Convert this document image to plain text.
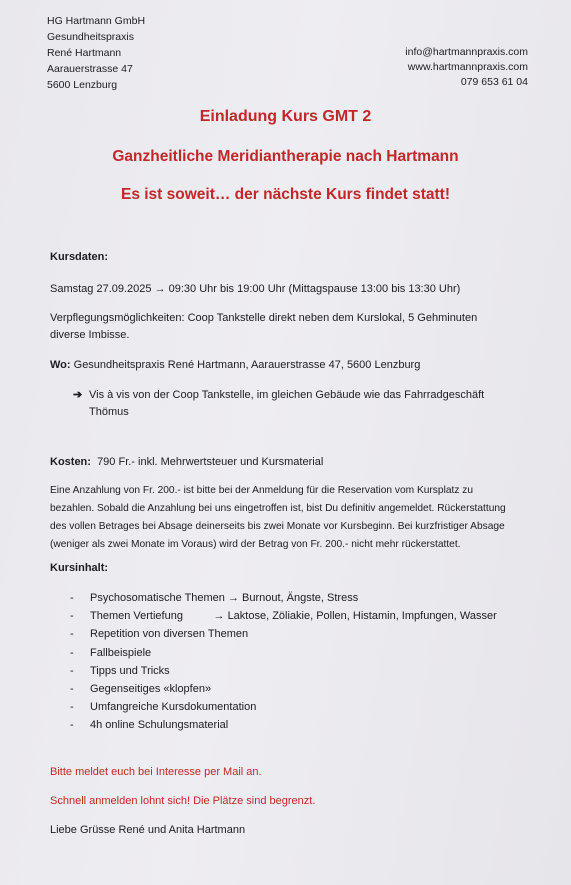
HG Hartmann GmbH
Gesundheitspraxis
René Hartmann
Aarauerstrasse 47
5600 Lenzburg
info@hartmannpraxis.com
www.hartmannpraxis.com
079 653 61 04
Einladung Kurs GMT 2
Ganzheitliche Meridiantherapie nach Hartmann
Es ist soweit… der nächste Kurs findet statt!
Kursdaten:
Samstag 27.09.2025 → 09:30 Uhr bis 19:00 Uhr (Mittagspause 13:00 bis 13:30 Uhr)
Verpflegungsmöglichkeiten: Coop Tankstelle direkt neben dem Kurslokal, 5 Gehminuten
diverse Imbisse.
Wo: Gesundheitspraxis René Hartmann, Aarauerstrasse 47, 5600 Lenzburg
➔ Vis à vis von der Coop Tankstelle, im gleichen Gebäude wie das Fahrradgeschäft
Thömus
Kosten:  790 Fr.- inkl. Mehrwertsteuer und Kursmaterial
Eine Anzahlung von Fr. 200.- ist bitte bei der Anmeldung für die Reservation vom Kursplatz zu
bezahlen. Sobald die Anzahlung bei uns eingetroffen ist, bist Du definitiv angemeldet. Rückerstattung
des vollen Betrages bei Absage deinerseits bis zwei Monate vor Kursbeginn. Bei kurzfristiger Absage
(weniger als zwei Monate im Voraus) wird der Betrag von Fr. 200.- nicht mehr rückerstattet.
Kursinhalt:
-	Psychosomatische Themen → Burnout, Ängste, Stress
-	Themen Vertiefung          → Laktose, Zöliakie, Pollen, Histamin, Impfungen, Wasser
-	Repetition von diversen Themen
-	Fallbeispiele
-	Tipps und Tricks
-	Gegenseitiges «klopfen»
-	Umfangreiche Kursdokumentation
-	4h online Schulungsmaterial
Bitte meldet euch bei Interesse per Mail an.
Schnell anmelden lohnt sich! Die Plätze sind begrenzt.
Liebe Grüsse René und Anita Hartmann
